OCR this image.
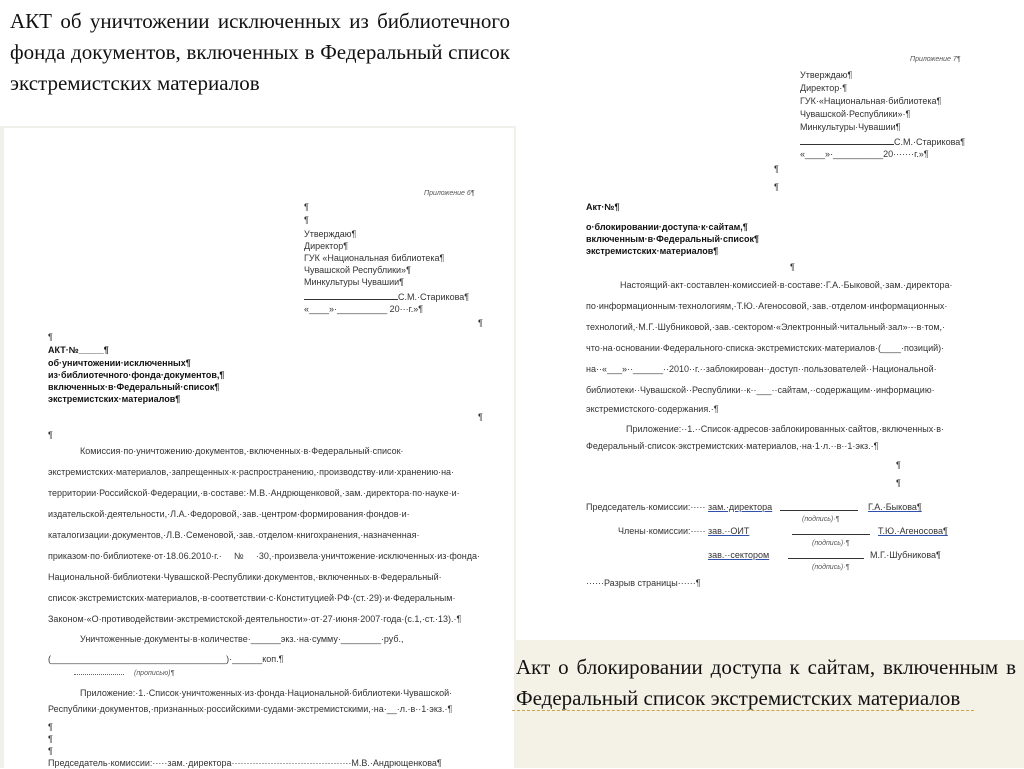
АКТ об уничтожении исключенных из библиотечного фонда документов, включенных в Федеральный список экстремистских материалов
Приложение 6¶
¶
¶
Утверждаю¶
Директор¶
ГУК «Национальная библиотека¶
Чувашской Республики»¶
Минкультуры Чувашии¶
С.М.·Старикова¶
«____»·__________ 20···г.»¶
¶
¶
АКТ·№_____¶
об·уничтожении·исключенных¶
из·библиотечного·фонда·документов,¶
включенных·в·Федеральный·список¶
экстремистских·материалов¶
¶
¶
Комиссия·по·уничтожению·документов,·включенных·в·Федеральный·список·
экстремистских·материалов,·запрещенных·к·распространению,·производству·или·хранению·на·
территории·Российской·Федерации,·в·составе:·М.В.·Андрющенковой,·зам.·директора·по·науке·и·
издательской·деятельности,·Л.А.·Федоровой,·зав.·центром·формирования·фондов·и·
каталогизации·документов,·Л.В.·Семеновой,·зав.·отделом·книгохранения,·назначенная·
приказом·по·библиотеке·от·18.06.2010·г.·№·30,·произвела·уничтожение·исключенных·из·фонда·
Национальной·библиотеки·Чувашской·Республики·документов,·включенных·в·Федеральный·
список·экстремистских·материалов,·в·соответствии·с·Конституцией·РФ·(ст.·29)·и·Федеральным·
Законом·«О·противодействии·экстремистской·деятельности»·от·27·июня·2007·года·(с.1,·ст.·13).·¶
Уничтоженные·документы·в·количестве·______экз.·на·сумму·________·руб.,
(___________________________________)·______коп.¶
(прописью)¶
Приложение:·1.·Список·уничтоженных·из·фонда·Национальной·библиотеки·Чувашской·
Республики·документов,·признанных·российскими·судами·экстремистскими,·на·__·л.·в··1·экз.·¶
¶
¶
¶
Председатель·комиссии:·····зам.·директора········································М.В.·Андрющенкова¶
Приложение 7¶
Утверждаю¶
Директор·¶
ГУК·«Национальная·библиотека¶
Чувашской·Республики»·¶
Минкультуры·Чувашии¶
С.М.·Старикова¶
«____»·__________20·······г.»¶
¶
¶
Акт·№¶
о·блокировании·доступа·к·сайтам,¶
включенным·в·Федеральный·список¶
экстремистских·материалов¶
¶
Настоящий·акт·составлен·комиссией·в·составе:·Г.А.·Быковой,·зам.·директора·
по·информационным·технологиям,·Т.Ю.·Агеносовой,·зав.·отделом·информационных·
технологий,·М.Г.·Шубниковой,·зав.·сектором·«Электронный·читальный·зал»·-·в·том,·
что·на·основании·Федерального·списка·экстремистских·материалов·(____·позиций)·
на··«___»··______··2010··г.··заблокирован··доступ··пользователей··Национальной·
библиотеки··Чувашской··Республики··к··___··сайтам,··содержащим··информацию·
экстремистского·содержания.·¶
Приложение:··1.··Список·адресов·заблокированных·сайтов,·включенных·в·
Федеральный·список·экстремистских·материалов,·на·1·л.··в··1·экз.·¶
¶
¶
Председатель·комиссии:····· зам.·директора	Г.А.·Быкова¶
(подпись)·¶
Члены·комиссии:····· зав.··ОИТ	Т.Ю.·Агеносова¶
(подпись)·¶
зав.··сектором	М.Г.·Шубникова¶
(подпись)·¶
······Разрыв страницы······¶
Акт о блокировании доступа к сайтам, включенным в Федеральный список экстремистских материалов
